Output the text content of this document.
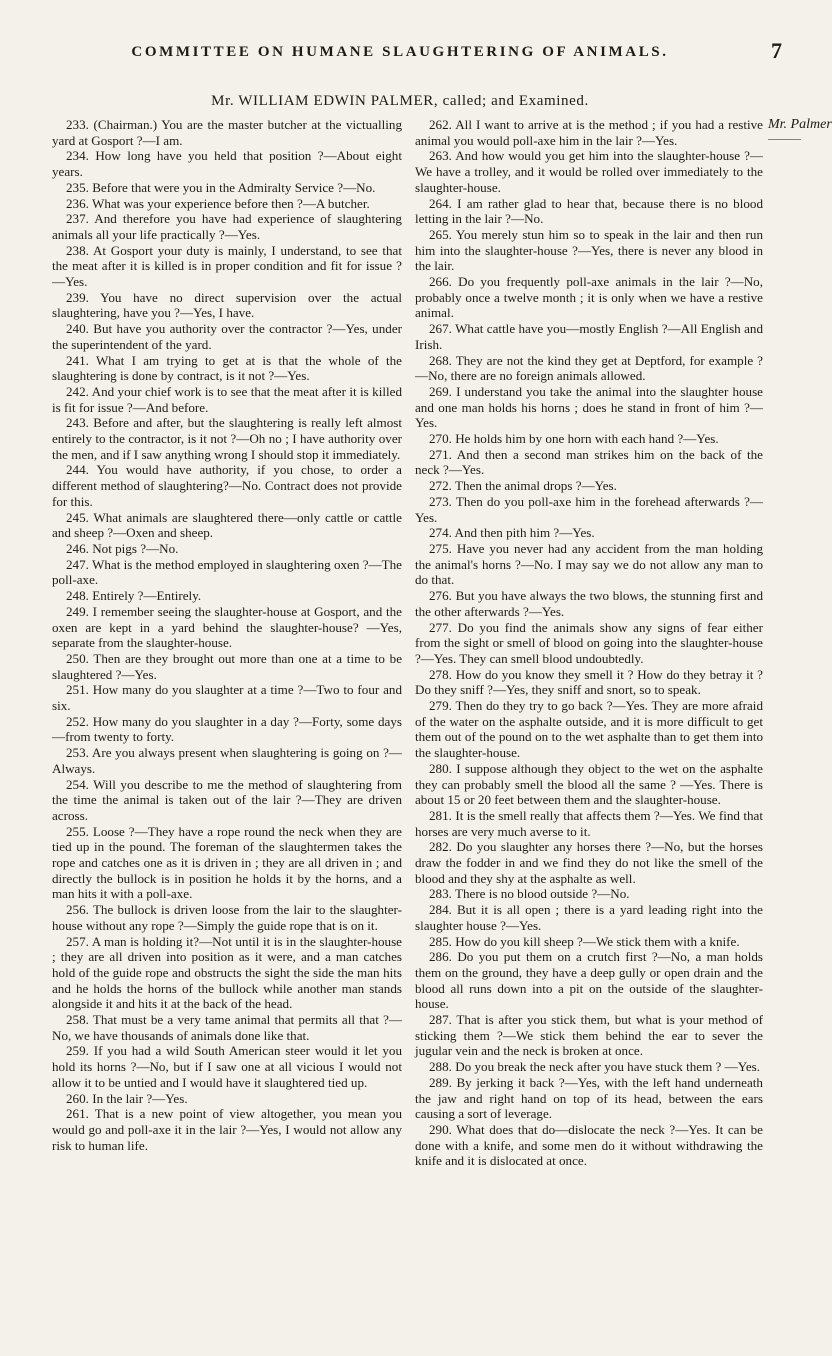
COMMITTEE ON HUMANE SLAUGHTERING OF ANIMALS.	7
Mr. WILLIAM EDWIN PALMER, called; and Examined.

233. (Chairman.) You are the master butcher at the victualling yard at Gosport ?—I am.

234. How long have you held that position ?—About eight years.

235. Before that were you in the Admiralty Service ?—No.

236. What was your experience before then ?—A butcher.

237. And therefore you have had experience of slaughtering animals all your life practically ?—Yes.

238. At Gosport your duty is mainly, I understand, to see that the meat after it is killed is in proper condition and fit for issue ?—Yes.

239. You have no direct supervision over the actual slaughtering, have you ?—Yes, I have.

240. But have you authority over the contractor ?—Yes, under the superintendent of the yard.

241. What I am trying to get at is that the whole of the slaughtering is done by contract, is it not ?—Yes.

242. And your chief work is to see that the meat after it is killed is fit for issue ?—And before.

243. Before and after, but the slaughtering is really left almost entirely to the contractor, is it not ?—Oh no ; I have authority over the men, and if I saw anything wrong I should stop it immediately.

244. You would have authority, if you chose, to order a different method of slaughtering?—No. Contract does not provide for this.

245. What animals are slaughtered there—only cattle or cattle and sheep ?—Oxen and sheep.

246. Not pigs ?—No.

247. What is the method employed in slaughtering oxen ?—The poll-axe.

248. Entirely ?—Entirely.

249. I remember seeing the slaughter-house at Gosport, and the oxen are kept in a yard behind the slaughter-house? —Yes, separate from the slaughter-house.

250. Then are they brought out more than one at a time to be slaughtered ?—Yes.

251. How many do you slaughter at a time ?—Two to four and six.

252. How many do you slaughter in a day ?—Forty, some days—from twenty to forty.

253. Are you always present when slaughtering is going on ?—Always.

254. Will you describe to me the method of slaughtering from the time the animal is taken out of the lair ?—They are driven across.

255. Loose ?—They have a rope round the neck when they are tied up in the pound. The foreman of the slaughtermen takes the rope and catches one as it is driven in ; they are all driven in ; and directly the bullock is in position he holds it by the horns, and a man hits it with a poll-axe.

256. The bullock is driven loose from the lair to the slaughter-house without any rope ?—Simply the guide rope that is on it.

257. A man is holding it?—Not until it is in the slaughter-house ; they are all driven into position as it were, and a man catches hold of the guide rope and obstructs the sight the side the man hits and he holds the horns of the bullock while another man stands alongside it and hits it at the back of the head.

258. That must be a very tame animal that permits all that ?—No, we have thousands of animals done like that.

259. If you had a wild South American steer would it let you hold its horns ?—No, but if I saw one at all vicious I would not allow it to be untied and I would have it slaughtered tied up.

260. In the lair ?—Yes.

261. That is a new point of view altogether, you mean you would go and poll-axe it in the lair ?—Yes, I would not allow any risk to human life.

262. All I want to arrive at is the method ; if you had a restive animal you would poll-axe him in the lair ?—Yes.

263. And how would you get him into the slaughter-house ?—We have a trolley, and it would be rolled over immediately to the slaughter-house.

264. I am rather glad to hear that, because there is no blood letting in the lair ?—No.

265. You merely stun him so to speak in the lair and then run him into the slaughter-house ?—Yes, there is never any blood in the lair.

266. Do you frequently poll-axe animals in the lair ?—No, probably once a twelve month ; it is only when we have a restive animal.

267. What cattle have you—mostly English ?—All English and Irish.

268. They are not the kind they get at Deptford, for example ?—No, there are no foreign animals allowed.

269. I understand you take the animal into the slaughter house and one man holds his horns ; does he stand in front of him ?—Yes.

270. He holds him by one horn with each hand ?—Yes.

271. And then a second man strikes him on the back of the neck ?—Yes.

272. Then the animal drops ?—Yes.

273. Then do you poll-axe him in the forehead afterwards ?—Yes.

274. And then pith him ?—Yes.

275. Have you never had any accident from the man holding the animal's horns ?—No. I may say we do not allow any man to do that.

276. But you have always the two blows, the stunning first and the other afterwards ?—Yes.

277. Do you find the animals show any signs of fear either from the sight or smell of blood on going into the slaughter-house ?—Yes. They can smell blood undoubtedly.

278. How do you know they smell it ? How do they betray it ? Do they sniff ?—Yes, they sniff and snort, so to speak.

279. Then do they try to go back ?—Yes. They are more afraid of the water on the asphalte outside, and it is more difficult to get them out of the pound on to the wet asphalte than to get them into the slaughter-house.

280. I suppose although they object to the wet on the asphalte they can probably smell the blood all the same ? —Yes. There is about 15 or 20 feet between them and the slaughter-house.

281. It is the smell really that affects them ?—Yes. We find that horses are very much averse to it.

282. Do you slaughter any horses there ?—No, but the horses draw the fodder in and we find they do not like the smell of the blood and they shy at the asphalte as well.

283. There is no blood outside ?—No.

284. But it is all open ; there is a yard leading right into the slaughter house ?—Yes.

285. How do you kill sheep ?—We stick them with a knife.

286. Do you put them on a crutch first ?—No, a man holds them on the ground, they have a deep gully or open drain and the blood all runs down into a pit on the outside of the slaughter-house.

287. That is after you stick them, but what is your method of sticking them ?—We stick them behind the ear to sever the jugular vein and the neck is broken at once.

288. Do you break the neck after you have stuck them ? —Yes.

289. By jerking it back ?—Yes, with the left hand underneath the jaw and right hand on top of its head, between the ears causing a sort of leverage.

290. What does that do—dislocate the neck ?—Yes. It can be done with a knife, and some men do it without withdrawing the knife and it is dislocated at once.

Mr. Palmer
———
